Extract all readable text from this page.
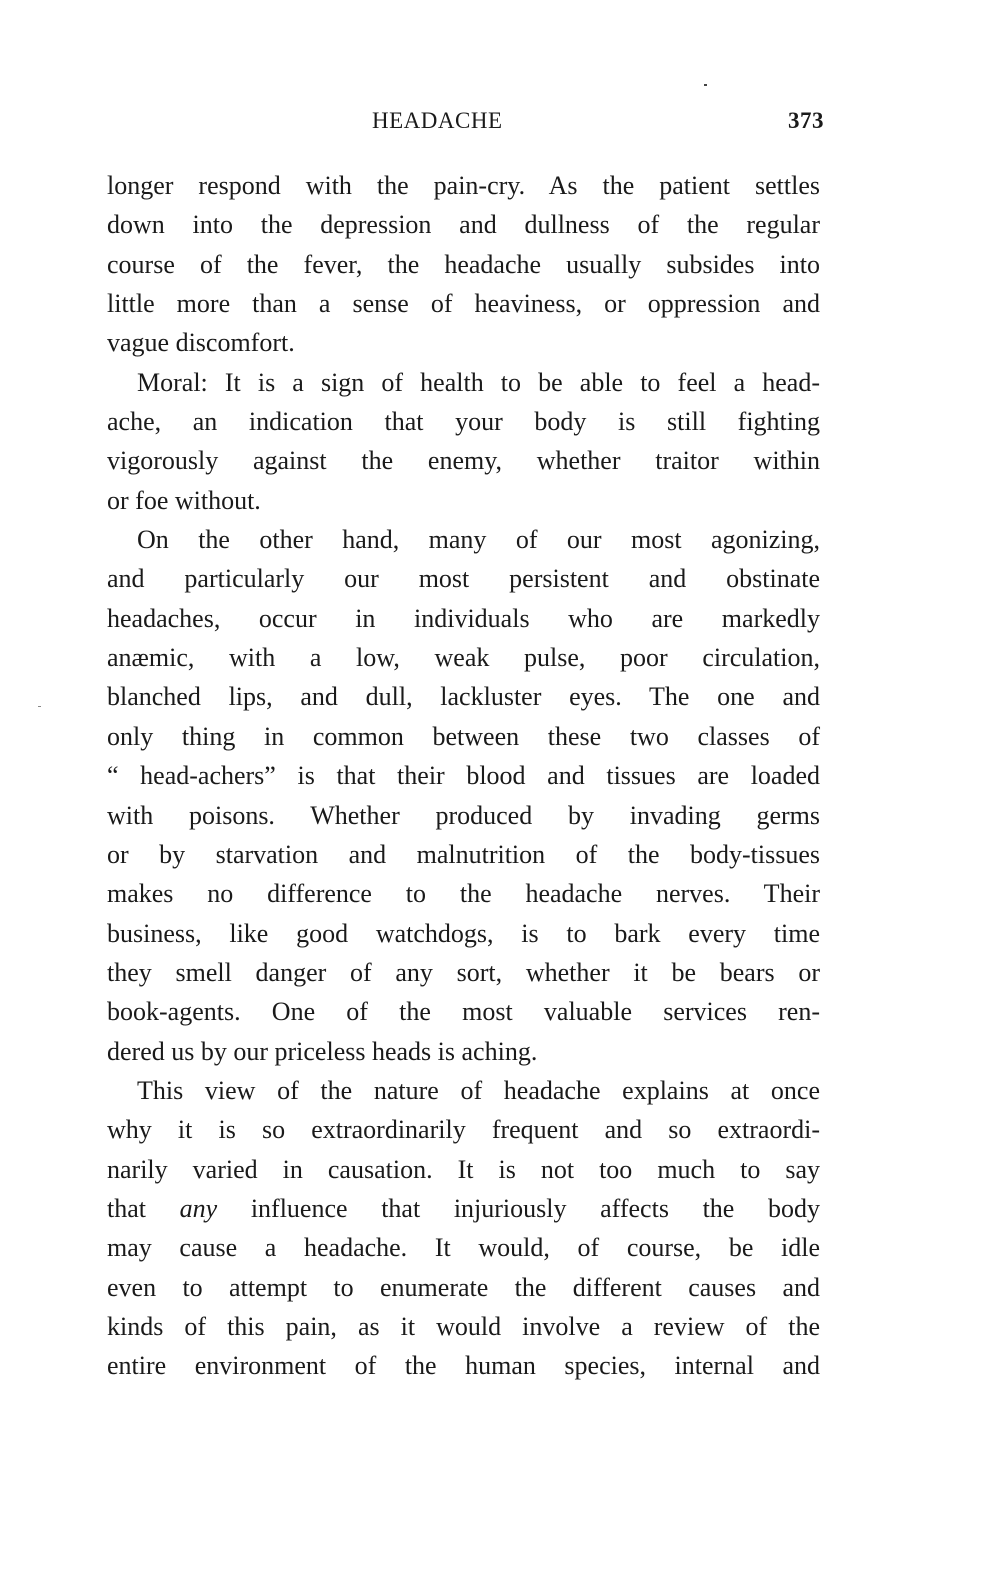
HEADACHE	373
longer respond with the pain-cry. As the patient settles
down into the depression and dullness of the regular
course of the fever, the headache usually subsides into
little more than a sense of heaviness, or oppression and
vague discomfort.
Moral: It is a sign of health to be able to feel a head-
ache, an indication that your body is still fighting
vigorously against the enemy, whether traitor within
or foe without.
On the other hand, many of our most agonizing,
and particularly our most persistent and obstinate
headaches, occur in individuals who are markedly
anæmic, with a low, weak pulse, poor circulation,
blanched lips, and dull, lackluster eyes. The one and
only thing in common between these two classes of
“ head-achers” is that their blood and tissues are loaded
with poisons. Whether produced by invading germs
or by starvation and malnutrition of the body-tissues
makes no difference to the headache nerves. Their
business, like good watchdogs, is to bark every time
they smell danger of any sort, whether it be bears or
book-agents. One of the most valuable services ren-
dered us by our priceless heads is aching.
This view of the nature of headache explains at once
why it is so extraordinarily frequent and so extraordi-
narily varied in causation. It is not too much to say
that any influence that injuriously affects the body
may cause a headache. It would, of course, be idle
even to attempt to enumerate the different causes and
kinds of this pain, as it would involve a review of the
entire environment of the human species, internal and
